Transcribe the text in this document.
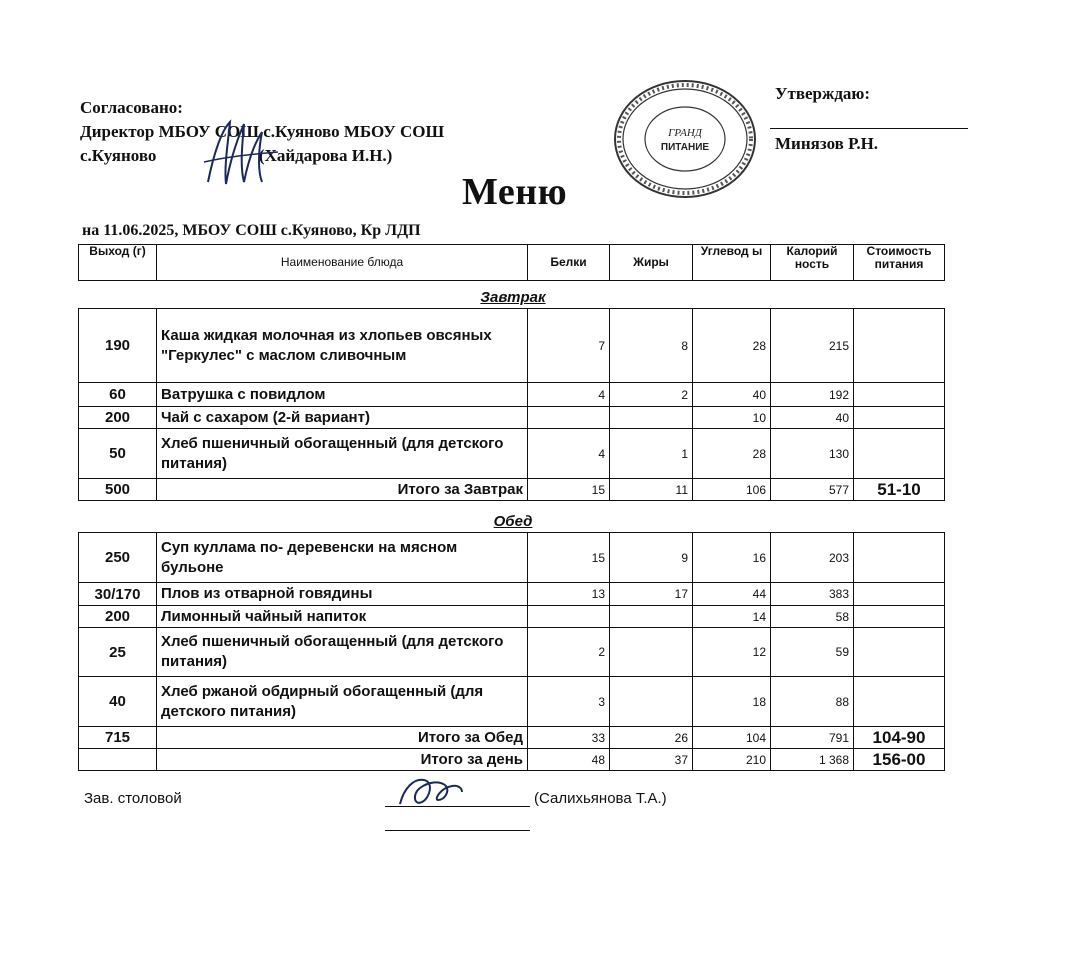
Согласовано:
Директор МБОУ СОШ с.Куяново МБОУ СОШ
с.Куяново	(Хайдарова И.Н.)
ГРАНД
ПИТАНИЕ
Утверждаю:
Минязов Р.Н.
Меню
на 11.06.2025, МБОУ СОШ с.Куяново, Кр ЛДП
Выход (г)	Наименование блюда	Белки	Жиры	Углевод ы	Калорий ность	Стоимость питания
Завтрак
190	Каша жидкая молочная из хлопьев овсяных "Геркулес" с маслом сливочным	7	8	28	215	
60	Ватрушка с повидлом	4	2	40	192	
200	Чай с сахаром (2-й вариант)			10	40	
50	Хлеб пшеничный обогащенный (для детского питания)	4	1	28	130	
500	Итого за Завтрак	15	11	106	577	51-10
Обед
250	Суп куллама по- деревенски на мясном бульоне	15	9	16	203	
30/170	Плов из отварной говядины	13	17	44	383	
200	Лимонный чайный напиток			14	58	
25	Хлеб пшеничный обогащенный (для детского питания)	2		12	59	
40	Хлеб ржаной обдирный обогащенный (для детского питания)	3		18	88	
715	Итого за Обед	33	26	104	791	104-90
	Итого за день	48	37	210	1 368	156-00
Зав. столовой	(Салихьянова Т.А.)
